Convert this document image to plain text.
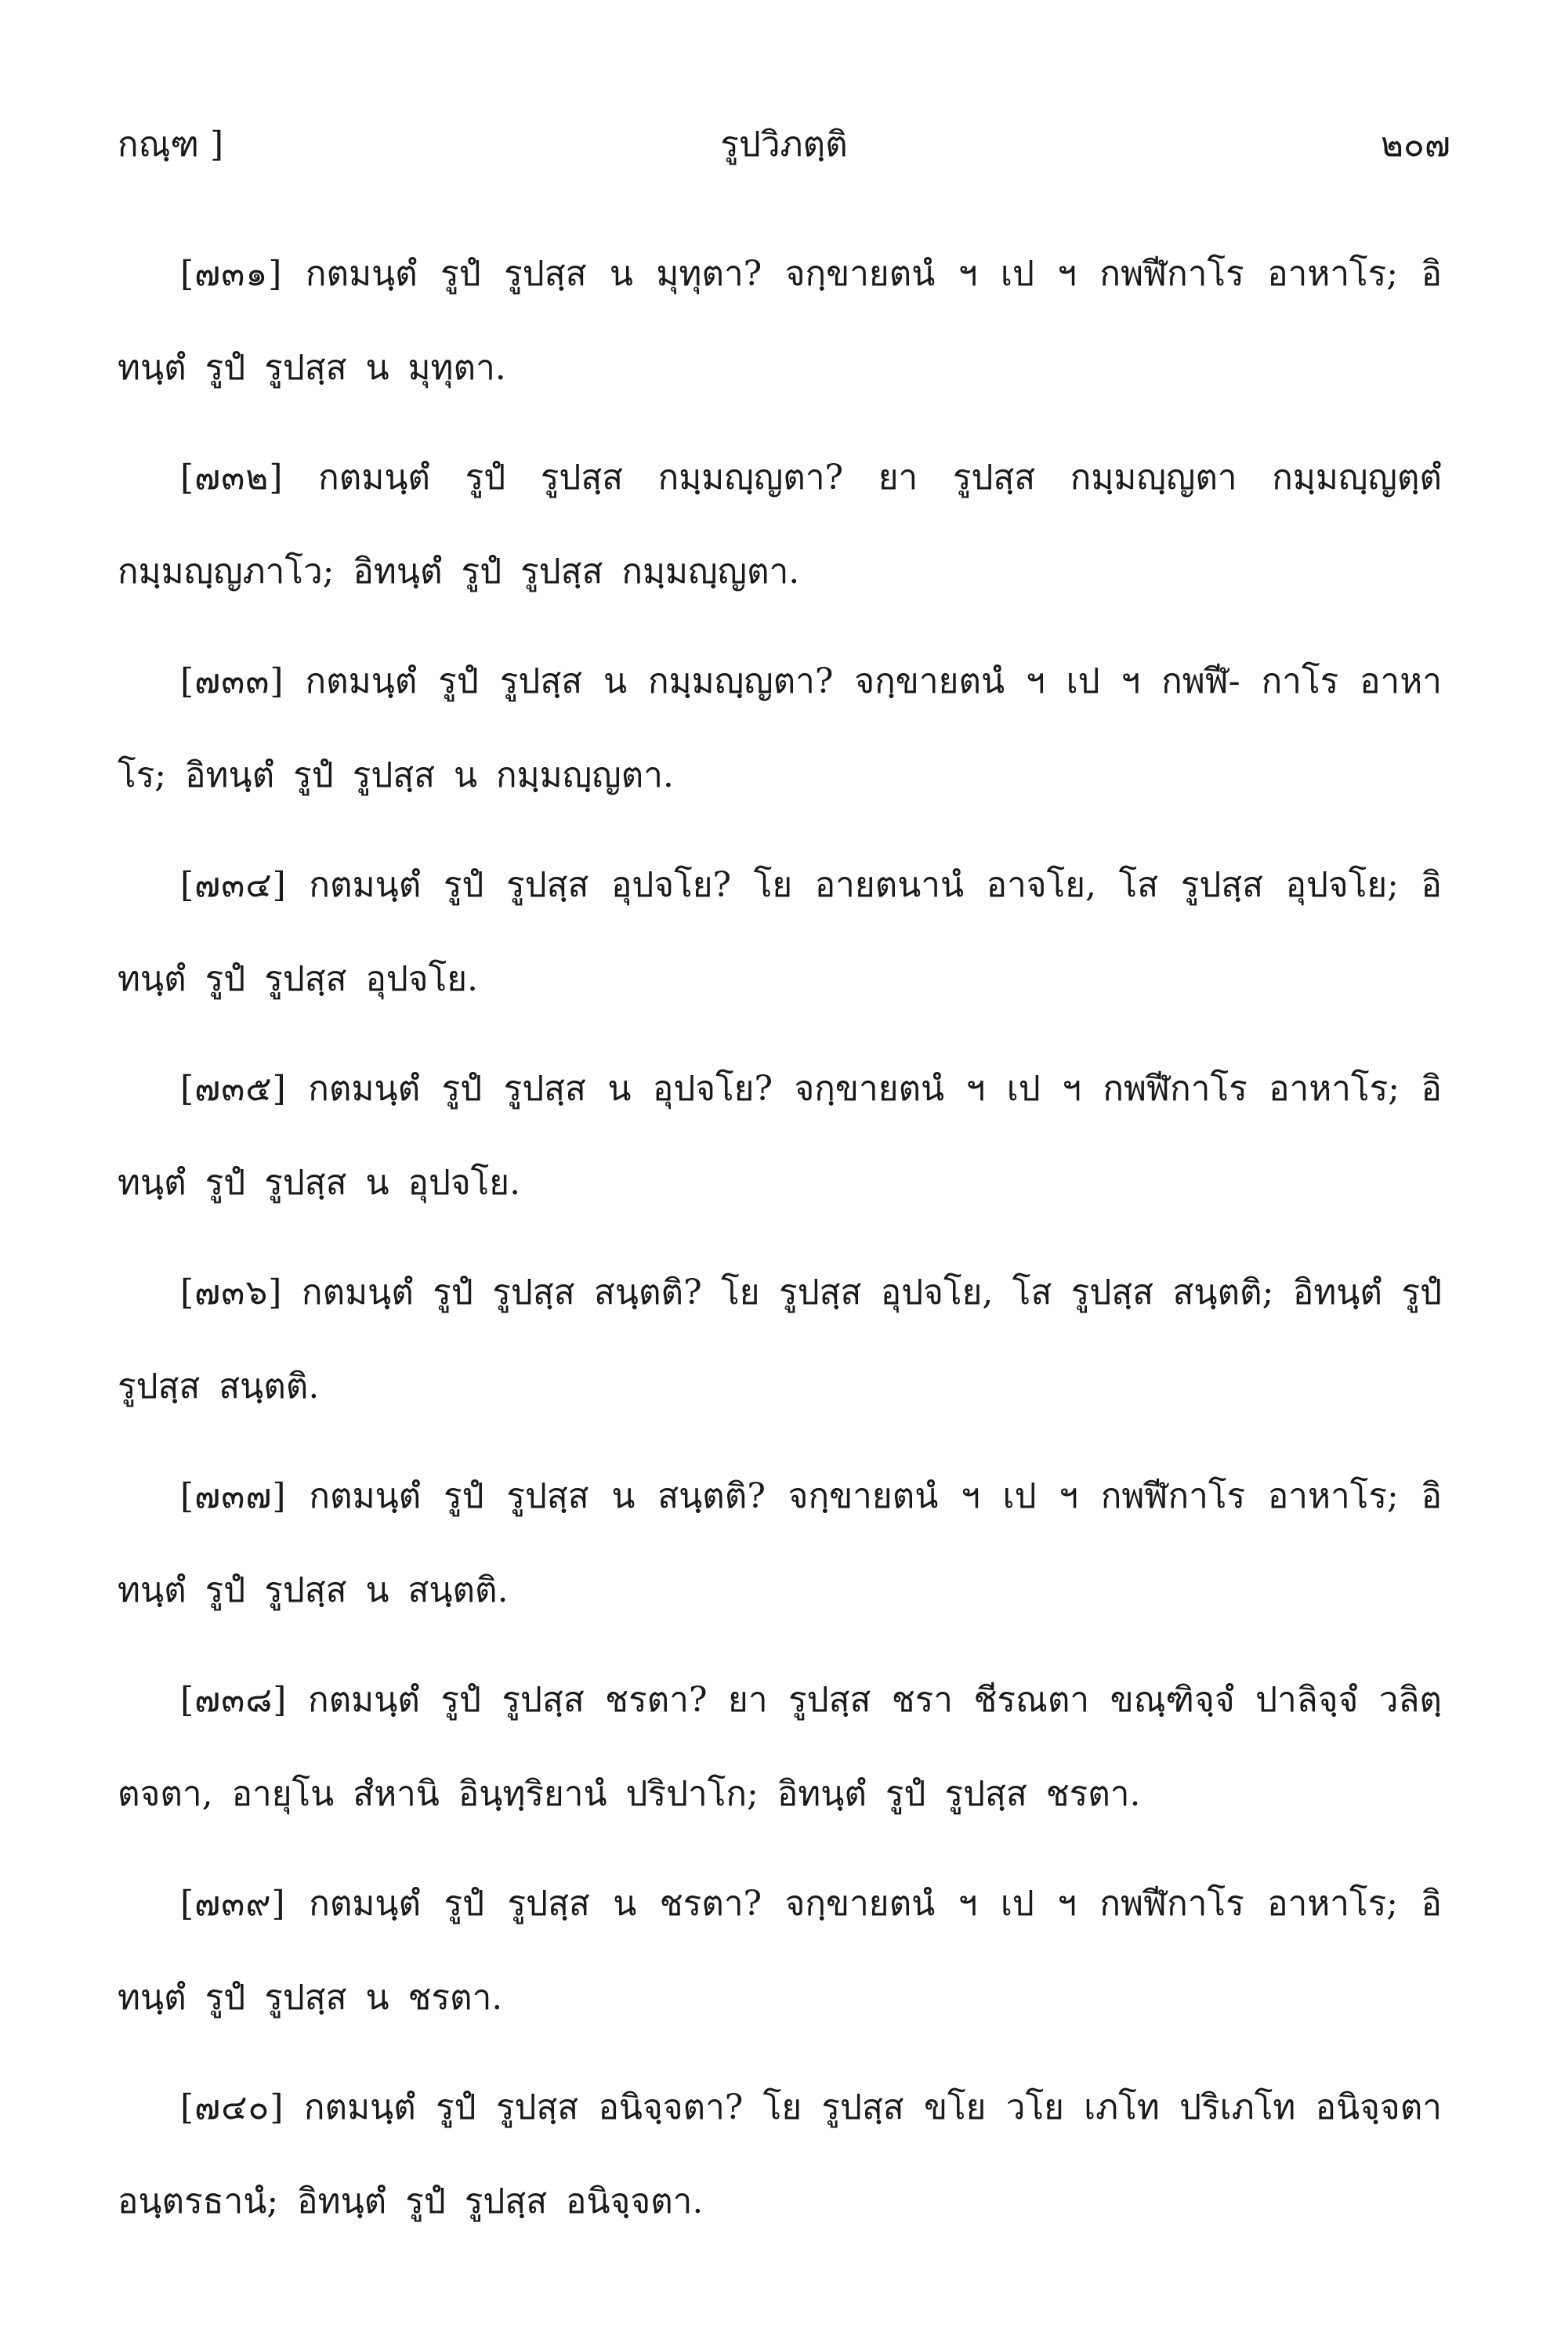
กณฺฑ ]	รูปวิภตฺติ	๒๐๗

[๗๓๑] กตมนฺตํ รูปํ รูปสฺส น มุทุตา? จกฺขายตนํ ฯ เป ฯ กพฬีกาโร อาหาโร; อิทนฺตํ รูปํ รูปสฺส น มุทุตา.

[๗๓๒] กตมนฺตํ รูปํ รูปสฺส กมฺมญฺญตา? ยา รูปสฺส กมฺมญฺญตา กมฺมญฺญตฺตํ กมฺมญฺญภาโว; อิทนฺตํ รูปํ รูปสฺส กมฺมญฺญตา.

[๗๓๓] กตมนฺตํ รูปํ รูปสฺส น กมฺมญฺญตา? จกฺขายตนํ ฯ เป ฯ กพฬี- กาโร อาหาโร; อิทนฺตํ รูปํ รูปสฺส น กมฺมญฺญตา.

[๗๓๔] กตมนฺตํ รูปํ รูปสฺส อุปจโย? โย อายตนานํ อาจโย, โส รูปสฺส อุปจโย; อิทนฺตํ รูปํ รูปสฺส อุปจโย.

[๗๓๕] กตมนฺตํ รูปํ รูปสฺส น อุปจโย? จกฺขายตนํ ฯ เป ฯ กพฬีกาโร อาหาโร; อิทนฺตํ รูปํ รูปสฺส น อุปจโย.

[๗๓๖] กตมนฺตํ รูปํ รูปสฺส สนฺตติ? โย รูปสฺส อุปจโย, โส รูปสฺส สนฺตติ; อิทนฺตํ รูปํ รูปสฺส สนฺตติ.

[๗๓๗] กตมนฺตํ รูปํ รูปสฺส น สนฺตติ? จกฺขายตนํ ฯ เป ฯ กพฬีกาโร อาหาโร; อิทนฺตํ รูปํ รูปสฺส น สนฺตติ.

[๗๓๘] กตมนฺตํ รูปํ รูปสฺส ชรตา? ยา รูปสฺส ชรา ชีรณตา ขณฺฑิจฺจํ ปาลิจฺจํ วลิตฺตจตา, อายุโน สํหานิ อินฺทฺริยานํ ปริปาโก; อิทนฺตํ รูปํ รูปสฺส ชรตา.

[๗๓๙] กตมนฺตํ รูปํ รูปสฺส น ชรตา? จกฺขายตนํ ฯ เป ฯ กพฬีกาโร อาหาโร; อิทนฺตํ รูปํ รูปสฺส น ชรตา.

[๗๔๐] กตมนฺตํ รูปํ รูปสฺส อนิจฺจตา? โย รูปสฺส ขโย วโย เภโท ปริเภโท อนิจฺจตา อนฺตรธานํ; อิทนฺตํ รูปํ รูปสฺส อนิจฺจตา.
